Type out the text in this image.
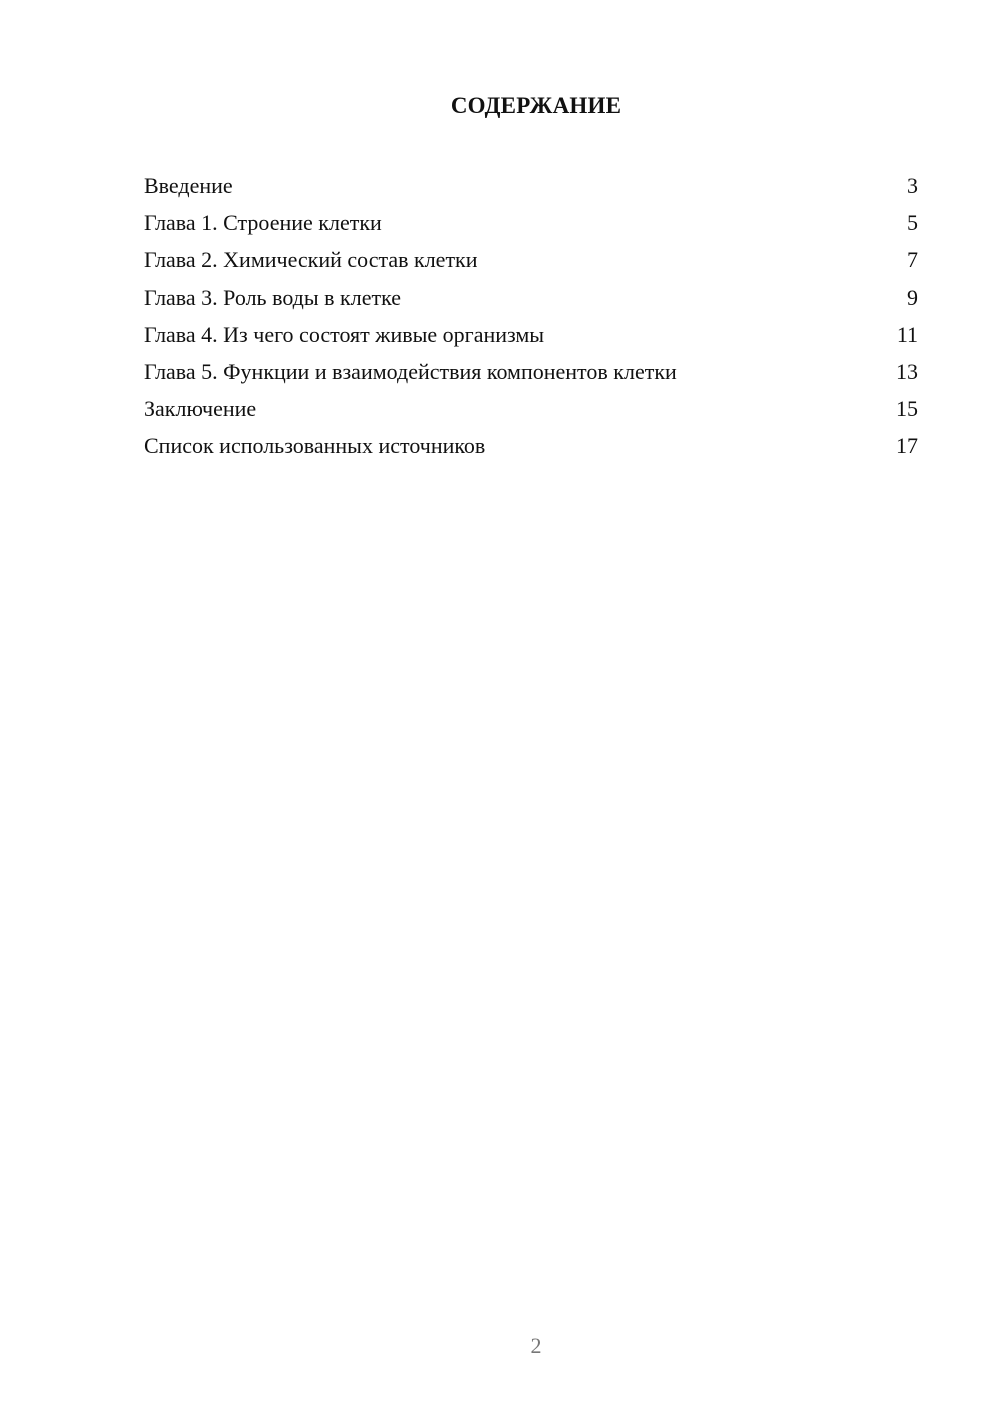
СОДЕРЖАНИЕ
Введение	3
Глава 1. Строение клетки	5
Глава 2. Химический состав клетки	7
Глава 3. Роль воды в клетке	9
Глава 4. Из чего состоят живые организмы	11
Глава 5. Функции и взаимодействия компонентов клетки	13
Заключение	15
Список использованных источников	17
2
